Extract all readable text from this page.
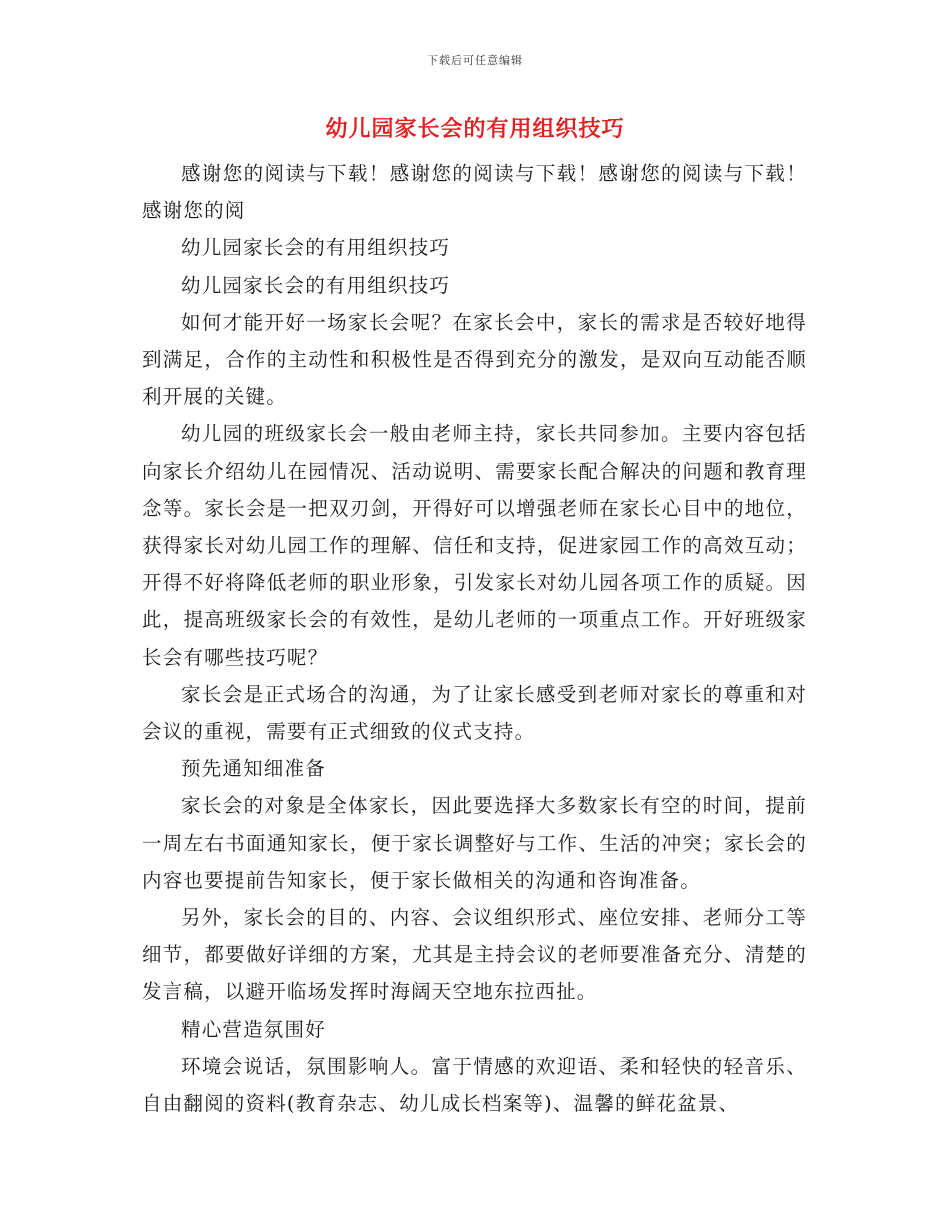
下载后可任意编辑
幼儿园家长会的有用组织技巧

感谢您的阅读与下载！感谢您的阅读与下载！感谢您的阅读与下载！感谢您的阅

幼儿园家长会的有用组织技巧

幼儿园家长会的有用组织技巧

如何才能开好一场家长会呢？在家长会中，家长的需求是否较好地得到满足，合作的主动性和积极性是否得到充分的激发，是双向互动能否顺利开展的关键。

幼儿园的班级家长会一般由老师主持，家长共同参加。主要内容包括向家长介绍幼儿在园情况、活动说明、需要家长配合解决的问题和教育理念等。家长会是一把双刃剑，开得好可以增强老师在家长心目中的地位，获得家长对幼儿园工作的理解、信任和支持，促进家园工作的高效互动；开得不好将降低老师的职业形象，引发家长对幼儿园各项工作的质疑。因此，提高班级家长会的有效性，是幼儿老师的一项重点工作。开好班级家长会有哪些技巧呢？

家长会是正式场合的沟通，为了让家长感受到老师对家长的尊重和对会议的重视，需要有正式细致的仪式支持。

预先通知细准备

家长会的对象是全体家长，因此要选择大多数家长有空的时间，提前一周左右书面通知家长，便于家长调整好与工作、生活的冲突；家长会的内容也要提前告知家长，便于家长做相关的沟通和咨询准备。

另外，家长会的目的、内容、会议组织形式、座位安排、老师分工等细节，都要做好详细的方案，尤其是主持会议的老师要准备充分、清楚的发言稿，以避开临场发挥时海阔天空地东拉西扯。

精心营造氛围好

环境会说话，氛围影响人。富于情感的欢迎语、柔和轻快的轻音乐、自由翻阅的资料(教育杂志、幼儿成长档案等)、温馨的鲜花盆景、
